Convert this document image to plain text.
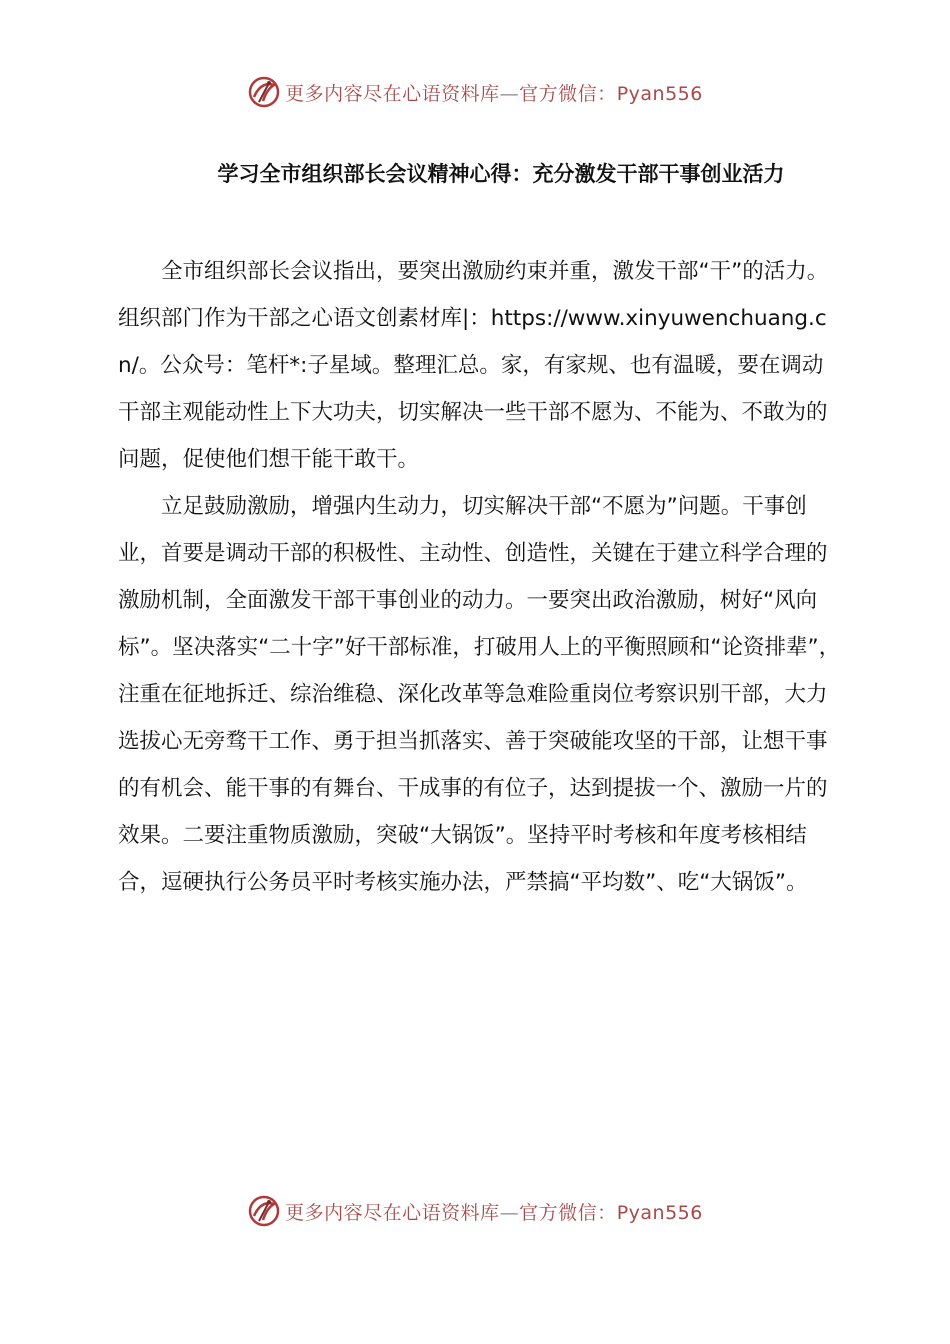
更多内容尽在心语资料库—官方微信：Pyan556
学习全市组织部长会议精神心得：充分激发干部干事创业活力

全市组织部长会议指出，要突出激励约束并重，激发干部“干”的活力。组织部门作为干部之心语文创素材库|：https://www.xinyuwenchuang.cn/。公众号：笔杆*:子星域。整理汇总。家，有家规、也有温暖，要在调动干部主观能动性上下大功夫，切实解决一些干部不愿为、不能为、不敢为的问题，促使他们想干能干敢干。

立足鼓励激励，增强内生动力，切实解决干部“不愿为”问题。干事创业，首要是调动干部的积极性、主动性、创造性，关键在于建立科学合理的激励机制，全面激发干部干事创业的动力。一要突出政治激励，树好“风向标”。坚决落实“二十字”好干部标准，打破用人上的平衡照顾和“论资排辈”，注重在征地拆迁、综治维稳、深化改革等急难险重岗位考察识别干部，大力选拔心无旁骛干工作、勇于担当抓落实、善于突破能攻坚的干部，让想干事的有机会、能干事的有舞台、干成事的有位子，达到提拔一个、激励一片的效果。二要注重物质激励，突破“大锅饭”。坚持平时考核和年度考核相结合，逗硬执行公务员平时考核实施办法，严禁搞“平均数”、吃“大锅饭”。

更多内容尽在心语资料库—官方微信：Pyan556
